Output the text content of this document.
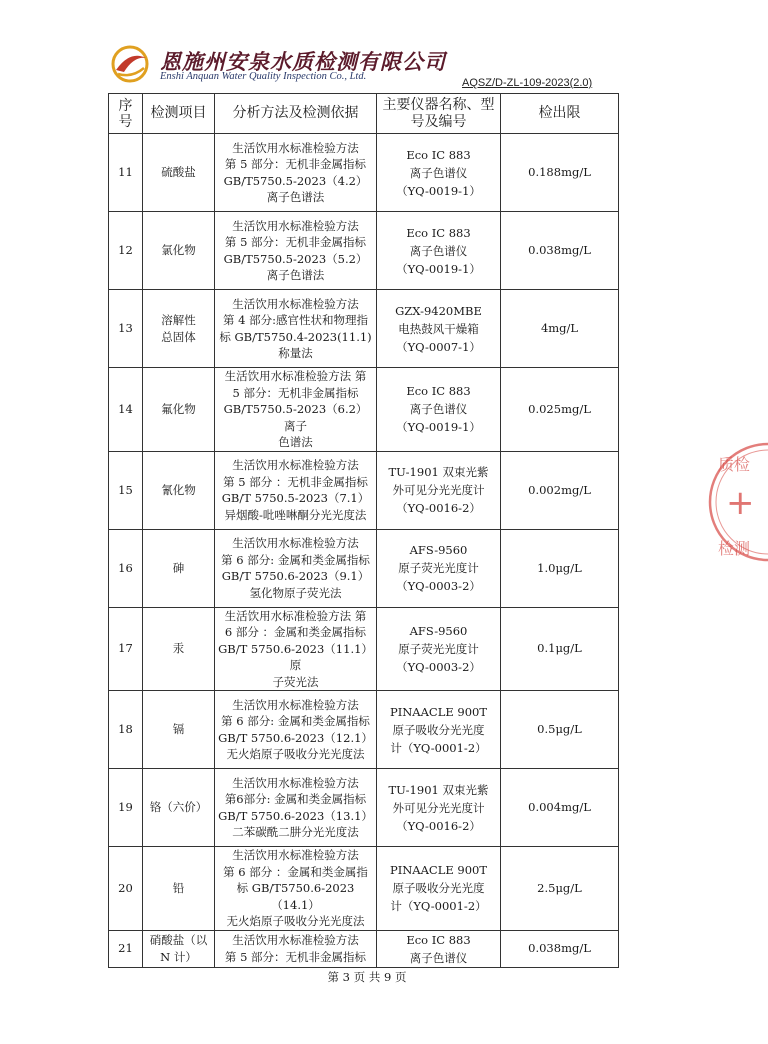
恩施州安泉水质检测有限公司
Enshi Anquan Water Quality Inspection Co., Ltd.
AQSZ/D-ZL-109-2023(2.0)
序号	检测项目	分析方法及检测依据	主要仪器名称、型号及编号	检出限
11	硫酸盐	生活饮用水标准检验方法
第 5 部分：无机非金属指标
GB/T5750.5-2023（4.2）
离子色谱法	Eco IC 883
离子色谱仪
（YQ-0019-1）	0.188mg/L
12	氯化物	生活饮用水标准检验方法
第 5 部分：无机非金属指标
GB/T5750.5-2023（5.2）
离子色谱法	Eco IC 883
离子色谱仪
（YQ-0019-1）	0.038mg/L
13	溶解性
总固体	生活饮用水标准检验方法
第 4 部分:感官性状和物理指
标 GB/T5750.4-2023(11.1)
称量法	GZX-9420MBE
电热鼓风干燥箱
（YQ-0007-1）	4mg/L
14	氟化物	生活饮用水标准检验方法 第
5 部分：无机非金属指标
GB/T5750.5-2023（6.2）离子
色谱法	Eco IC 883
离子色谱仪
（YQ-0019-1）	0.025mg/L
15	氰化物	生活饮用水标准检验方法
第 5 部分 ：无机非金属指标
GB/T 5750.5-2023（7.1）
异烟酸-吡唑啉酮分光光度法	TU-1901 双束光紫
外可见分光光度计
（YQ-0016-2）	0.002mg/L
16	砷	生活饮用水标准检验方法
第 6 部分: 金属和类金属指标
GB/T 5750.6-2023（9.1）
氢化物原子荧光法	AFS-9560
原子荧光光度计
（YQ-0003-2）	1.0μg/L
17	汞	生活饮用水标准检验方法 第
6 部分 ：金属和类金属指标
GB/T 5750.6-2023（11.1）原
子荧光法	AFS-9560
原子荧光光度计
（YQ-0003-2）	0.1μg/L
18	镉	生活饮用水标准检验方法
第 6 部分: 金属和类金属指标
GB/T 5750.6-2023（12.1）
无火焰原子吸收分光光度法	PINAACLE 900T
原子吸收分光光度
计（YQ-0001-2）	0.5μg/L
19	铬（六价）	生活饮用水标准检验方法
第6部分: 金属和类金属指标
GB/T 5750.6-2023（13.1）
二苯碳酰二肼分光光度法	TU-1901 双束光紫
外可见分光光度计
（YQ-0016-2）	0.004mg/L
20	铅	生活饮用水标准检验方法
第 6 部分 ：金属和类金属指
标 GB/T5750.6-2023（14.1）
无火焰原子吸收分光光度法	PINAACLE 900T
原子吸收分光光度
计（YQ-0001-2）	2.5μg/L
21	硝酸盐（以
N 计）	生活饮用水标准检验方法
第 5 部分：无机非金属指标	Eco IC 883
离子色谱仪	0.038mg/L
质检
+
检测
第 3 页 共 9 页
